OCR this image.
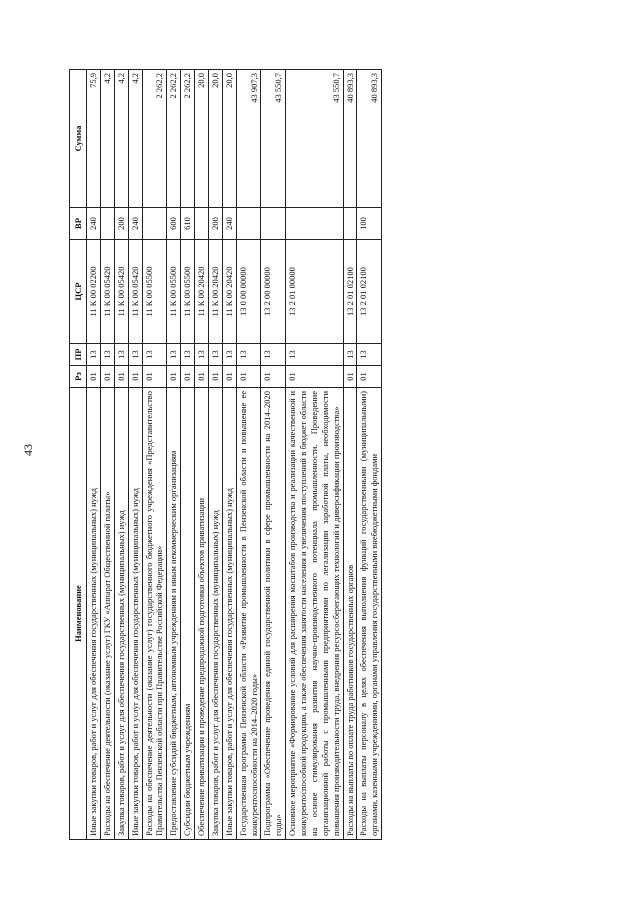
43
Наименование	Рз	ПР	ЦСР	ВР	Сумма
Иные закупки товаров, работ и услуг для обеспечения государственных (муниципальных) нужд	01	13	11 К 00 02200	240	75,9
Расходы на обеспечение деятельности (оказание услуг) ГКУ «Аппарат Общественной палаты»	01	13	11 К 00 05420		4,2
Закупка товаров, работ и услуг для обеспечения государственных (муниципальных) нужд	01	13	11 К 00 05420	200	4,2
Иные закупки товаров, работ и услуг для обеспечения государственных (муниципальных) нужд	01	13	11 К 00 05420	240	4,2
Расходы на обеспечение деятельности (оказание услуг) государственного бюджетного учреждения «Представительство Правительства Пензенской области при Правительстве Российской Федерации»	01	13	11 К 00 05500		2 262,2
Предоставление субсидий бюджетным, автономным учреждениям и иным некоммерческим организациям	01	13	11 К 00 05500	600	2 262,2
Субсидии бюджетным учреждениям	01	13	11 К 00 05500	610	2 262,2
Обеспечение приватизации и проведение предпродажной подготовки объектов приватизации	01	13	11 К 00 20420		20,0
Закупка товаров, работ и услуг для обеспечения государственных (муниципальных) нужд	01	13	11 К 00 20420	200	20,0
Иные закупки товаров, работ и услуг для обеспечения государственных (муниципальных) нужд	01	13	11 К 00 20420	240	20,0
Государственная программа Пензенской области «Развитие промышленности в Пензенской области и повышение ее конкурентоспособности на 2014–2020 годы»	01	13	13 0 00 00000		43 907,3
Подпрограмма «Обеспечение проведения единой государственной политики в сфере промышленности на 2014–2020 годы»	01	13	13 2 00 00000		43 550,7
Основное мероприятие «Формирование условий для расширения масштабов производства и реализации качественной и конкурентоспособной продукции, а также обеспечения занятости населения и увеличения поступлений в бюджет области на основе стимулирования развития научно-производственного потенциала промышленности. Проведение организационной работы с промышленными предприятиями по легализации заработной платы, необходимости повышения производительности труда, внедрения ресурсосберегающих технологий и диверсификации производства»	01	13	13 2 01 00000		43 550,7
Расходы на выплаты по оплате труда работников государственных органов	01	13	13 2 01 02100		40 893,3
Расходы на выплаты персоналу в целях обеспечения выполнения функций государственными (муниципальными) органами, казенными учреждениями, органами управления государственными внебюджетными фондами	01	13	13 2 01 02100	100	40 893,3
